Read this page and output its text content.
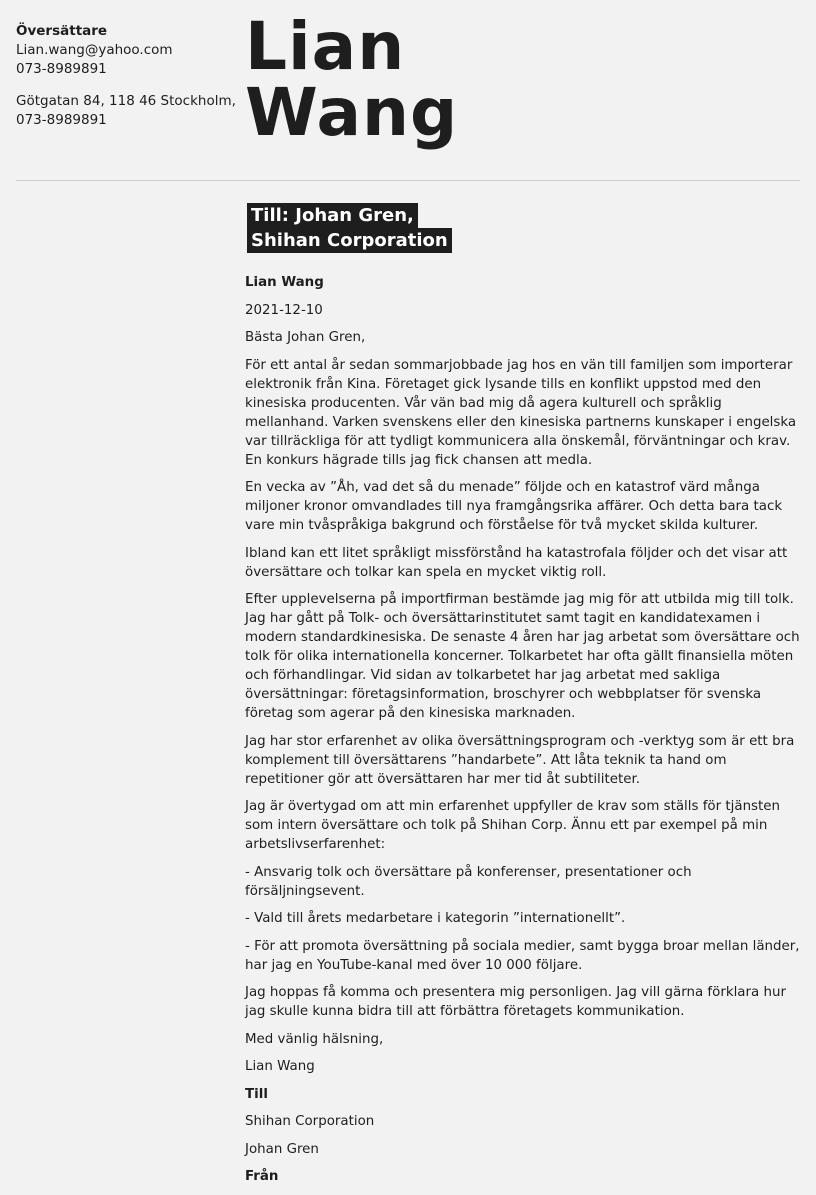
Översättare
Lian.wang@yahoo.com
073-8989891
Götgatan 84, 118 46 Stockholm,
073-8989891
Lian
Wang
Till: Johan Gren,
Shihan Corporation

Lian Wang

2021-12-10

Bästa Johan Gren,

För ett antal år sedan sommarjobbade jag hos en vän till familjen som importerar elektronik från Kina. Företaget gick lysande tills en konflikt uppstod med den kinesiska producenten. Vår vän bad mig då agera kulturell och språklig mellanhand. Varken svenskens eller den kinesiska partnerns kunskaper i engelska var tillräckliga för att tydligt kommunicera alla önskemål, förväntningar och krav. En konkurs hägrade tills jag fick chansen att medla.

En vecka av ”Åh, vad det så du menade” följde och en katastrof värd många miljoner kronor omvandlades till nya framgångsrika affärer. Och detta bara tack vare min tvåspråkiga bakgrund och förståelse för två mycket skilda kulturer.

Ibland kan ett litet språkligt missförstånd ha katastrofala följder och det visar att översättare och tolkar kan spela en mycket viktig roll.

Efter upplevelserna på importfirman bestämde jag mig för att utbilda mig till tolk.
Jag har gått på Tolk- och översättarinstitutet samt tagit en kandidatexamen i modern standardkinesiska. De senaste 4 åren har jag arbetat som översättare och tolk för olika internationella koncerner. Tolkarbetet har ofta gällt finansiella möten och förhandlingar. Vid sidan av tolkarbetet har jag arbetat med sakliga översättningar: företagsinformation, broschyrer och webbplatser för svenska företag som agerar på den kinesiska marknaden.

Jag har stor erfarenhet av olika översättningsprogram och -verktyg som är ett bra komplement till översättarens ”handarbete”. Att låta teknik ta hand om repetitioner gör att översättaren har mer tid åt subtiliteter.

Jag är övertygad om att min erfarenhet uppfyller de krav som ställs för tjänsten som intern översättare och tolk på Shihan Corp. Ännu ett par exempel på min arbetslivserfarenhet:

- Ansvarig tolk och översättare på konferenser, presentationer och försäljningsevent.

- Vald till årets medarbetare i kategorin ”internationellt”.

- För att promota översättning på sociala medier, samt bygga broar mellan länder, har jag en YouTube-kanal med över 10 000 följare.

Jag hoppas få komma och presentera mig personligen. Jag vill gärna förklara hur jag skulle kunna bidra till att förbättra företagets kommunikation.

Med vänlig hälsning,

Lian Wang

Till

Shihan Corporation

Johan Gren

Från
